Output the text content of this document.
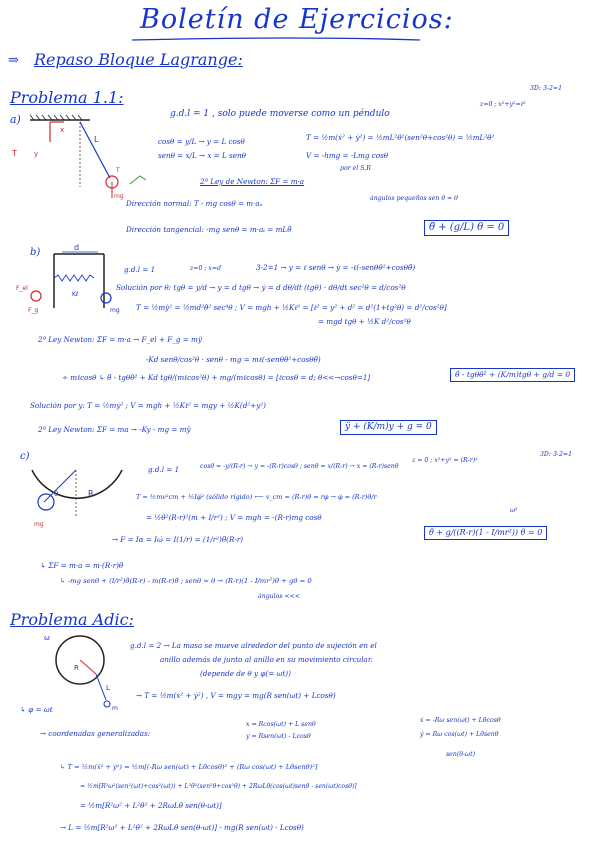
Boletín de Ejercicios:
⇒ Repaso Bloque Lagrange:
Problema 1.1:
a)
x
y
L
mg
T
T
g.d.l = 1 , solo puede moverse como un péndulo
z=0 ; x²+y²=ℓ²
3D: 3-2=1
cosθ = y/L → y = L cosθ
senθ = x/L → x = L senθ
T = ½m(ẋ² + ẏ²) = ½mL²θ̇²(sen²θ+cos²θ) = ½mL²θ̇²
V = -hmg = -Lmg cosθ
por el S.R
2ª Ley de Newton: ΣF = m·a
Dirección normal: T - mg cosθ = m·aₙ
ángulos pequeños sen θ ≃ θ
Dirección tangencial: -mg senθ = m·aₜ = mLθ̈	θ̈ + (g/L) θ = 0
b)	d
F_el
Kℓ
F_g	mg
g.d.l = 1	z=0 ; x=d	3-2=1 → y = ℓ senθ → ẏ = -ℓ(-senθθ̇²+cosθθ̈)
Solución por θ: tgθ = y/d → y = d tgθ → ẏ = d dθ/dt (tgθ) · dθ/dt sec²θ = d/cos²θ
T = ½mẏ² = ½md²θ̇² sec⁴θ ; V = mgh + ½Kℓ² = [ℓ² = y² + d² = d²(1+tg²θ) = d²/cos²θ]
= mgd tgθ + ½K d²/cos²θ
2ª Ley Newton: ΣF = m·a → F_el + F_g = mÿ
-Kd senθ/cos²θ · senθ - mg = mℓ(-senθθ̇²+cosθθ̈)
÷ mℓcosθ ↳ θ̈ - tgθθ̇² + Kd tgθ/(mℓcos²θ) + mg/(mℓcosθ) = [ℓcosθ = d; θ<<→cosθ=1]	θ̈ - tgθθ̇² + (K/m)tgθ + g/d = 0
Solución por y: T = ½mẏ² ; V = mgh + ½Kℓ² = mgy + ½K(d²+y²)
2ª Ley Newton: ΣF = ma → -Ky - mg = mÿ	ÿ + (K/m)y + g = 0
c)
R
mg
θ
g.d.l = 1	cosθ = -y/(R-r) → y = -(R-r)cosθ ; senθ = x/(R-r) → x = (R-r)senθ
z = 0 ; x²+y² = (R-r)²
3D: 3-2=1
T = ½mv²cm + ½Iφ̇² (sólido rígido) ⟵ v_cm = (R-r)θ̇ = rφ̇ → φ̇ = (R-r)θ̇/r
= ½θ̇²(R-r)²(m + I/r²) ; V = mgh = -(R-r)mg cosθ
ω²
θ̈ + g/((R-r)(1 - I/mr²)) θ = 0
→ F = Iα = Iω̇ = I(1/r) = (1/r²)θ̈(R-r)
↳ ΣF = m·a = m·(R-r)θ̈
↳ -mg senθ + (I/r²)θ̈(R-r) - m(R-r)θ̈ ; senθ ≃ θ → (R-r)(1 - I/mr²)θ̈ + gθ = 0
ángulos <<<
Problema Adic:
R
L
m
ω
g.d.l = 2 → La masa se mueve alrededor del punto de sujeción en el
anillo además de junto al anillo en su movimiento circular.
(depende de θ y φ(= ωt))
↳ φ = ωt
→ T = ½m(ẋ² + ẏ²) , V = mgy = mg(R sen(ωt) + Lcosθ)
→ coordenadas generalizadas:
x = Rcos(ωt) + L senθ
y = Rsen(ωt) - Lcosθ
ẋ = -Rω sen(ωt) + Lθ̇cosθ
ẏ = Rω cos(ωt) + Lθ̇senθ
sen(θ-ωt)
↳ T = ½m(ẋ² + ẏ²) = ½m[(-Rω sen(ωt) + Lθ̇cosθ)² + (Rω cos(ωt) + Lθ̇senθ)²]
= ½m[R²ω²(sen²(ωt)+cos²(ωt)) + L²θ̇²(sen²θ+cos²θ) + 2RωLθ̇(cos(ωt)senθ - sen(ωt)cosθ)]
= ½m[R²ω² + L²θ̇² + 2RωLθ̇ sen(θ-ωt)]
→ L = ½m[R²ω² + L²θ̇² + 2RωLθ̇ sen(θ-ωt)] - mg(R sen(ωt) - Lcosθ)
